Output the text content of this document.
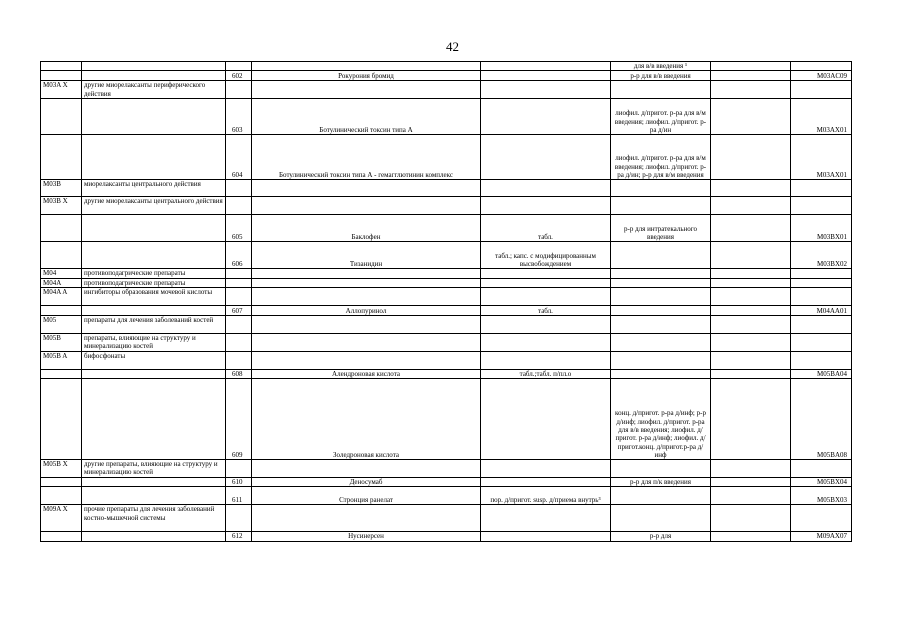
42
					для в/в введения ¹		
		602	Рокурония бромид		р-р для в/в введения		M03AC09
M03A X	другие миорелаксанты периферического действия						
		603	Ботулинический токсин типа А		лиофил. д/пригот. р-ра для в/м введения; лиофил. д/пригот. р-ра д/ин		M03AX01
		604	Ботулинический токсин типа А - гемагглютинин комплекс		лиофил. д/пригот. р-ра для в/м введения; лиофил. д/пригот. р-ра д/ин; р-р для в/м введения		M03AX01
M03B	миорелаксанты центрального действия						
M03B X	другие миорелаксанты центрального действия						
		605	Баклофен	табл.	р-р для интратекального введения		M03BX01
		606	Тизанидин	табл.; капс. с модифицированным высвобождением			M03BX02
M04	противоподагрические препараты						
M04A	противоподагрические препараты						
M04A A	ингибиторы образования мочевой кислоты						
		607	Аллопуринол	табл.			M04AA01
M05	препараты для лечения заболеваний костей						
M05B	препараты, влияющие на структуру и минерализацию костей						
M05B A	бифосфонаты						
		608	Алендроновая кислота	табл.;табл. п/пл.о			M05BA04
		609	Золедроновая кислота		конц. д/пригот. р-ра д/инф; р-р д/инф; лиофил. д/пригот. р-ра для в/в введения; лиофил. д/пригот. р-ра д/инф; лиофил. д/пригот.конц. д/пригот.р-ра д/инф		M05BA08
M05B X	другие препараты, влияющие на структуру и минерализацию костей						
		610	Деносумаб		р-р для п/к введения		M05BX04
		611	Стронция ранелат	пор. д/пригот. susp. д/приема внутрь³			M05BX03
M09A X	прочие препараты для лечения заболеваний костно-мышечной системы						
		612	Нусинерсен		р-р для		M09AX07
